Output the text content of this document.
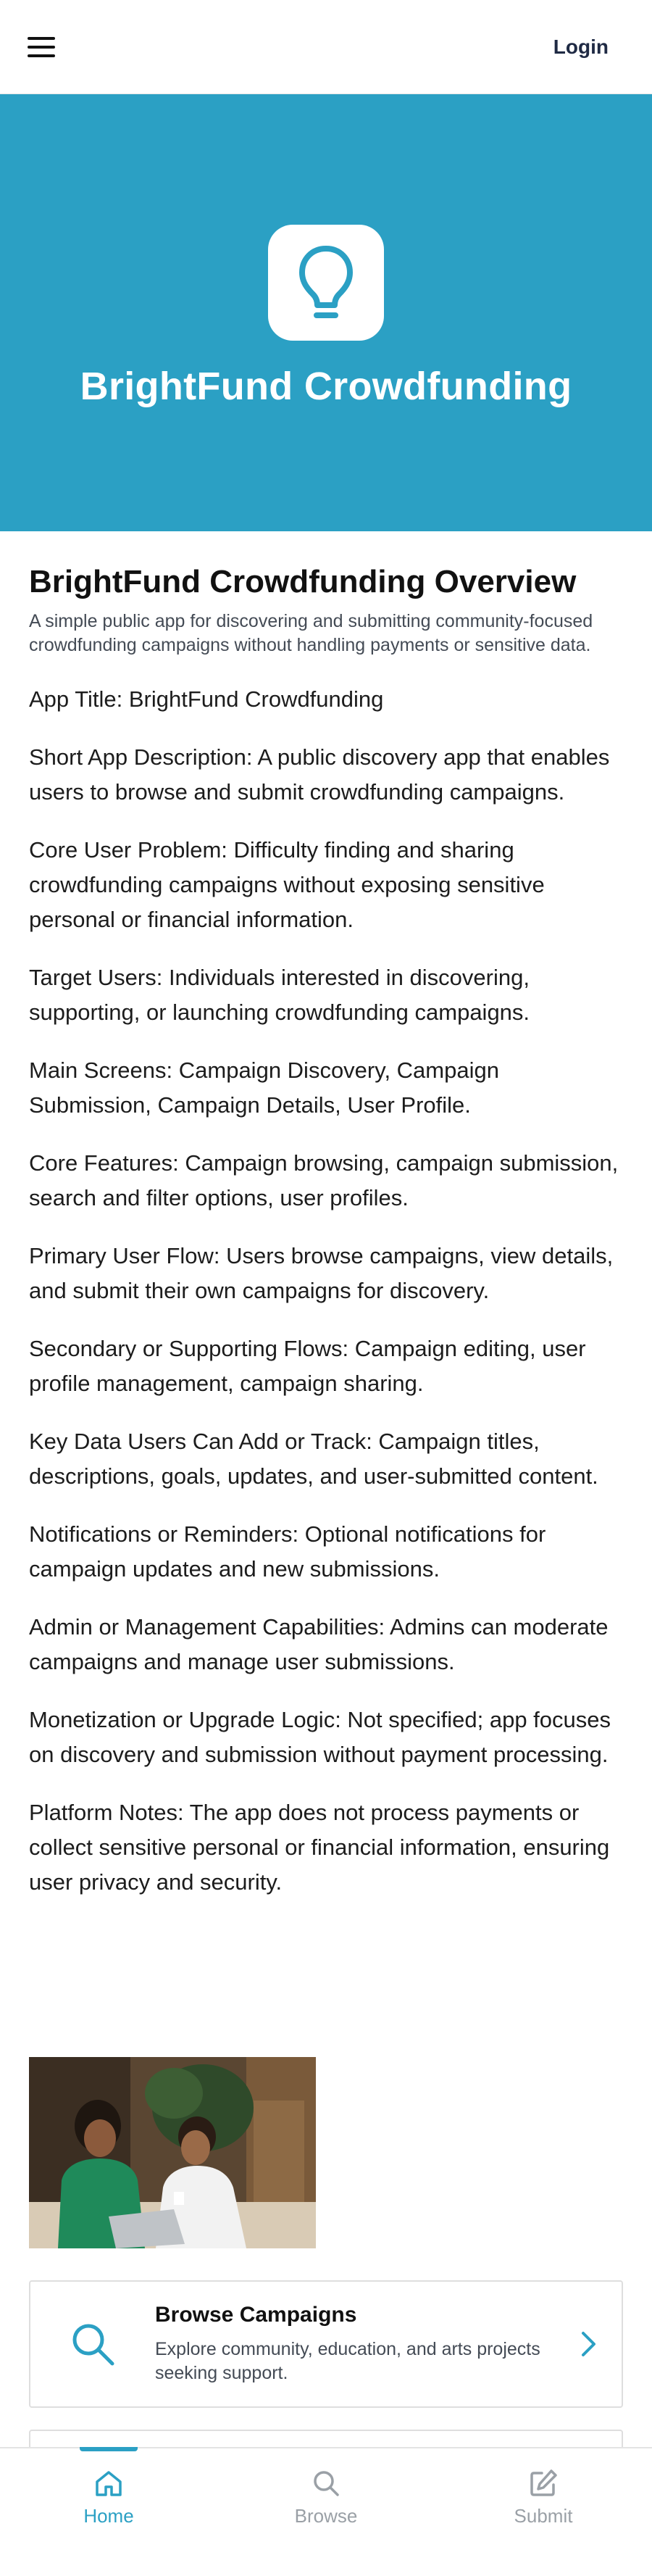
Login
BrightFund Crowdfunding
BrightFund Crowdfunding Overview

A simple public app for discovering and submitting community-focused crowdfunding campaigns without handling payments or sensitive data.

App Title: BrightFund Crowdfunding

Short App Description: A public discovery app that enables users to browse and submit crowdfunding campaigns.

Core User Problem: Difficulty finding and sharing crowdfunding campaigns without exposing sensitive personal or financial information.

Target Users: Individuals interested in discovering, supporting, or launching crowdfunding campaigns.

Main Screens: Campaign Discovery, Campaign Submission, Campaign Details, User Profile.

Core Features: Campaign browsing, campaign submission, search and filter options, user profiles.

Primary User Flow: Users browse campaigns, view details, and submit their own campaigns for discovery.

Secondary or Supporting Flows: Campaign editing, user profile management, campaign sharing.

Key Data Users Can Add or Track: Campaign titles, descriptions, goals, updates, and user-submitted content.

Notifications or Reminders: Optional notifications for campaign updates and new submissions.

Admin or Management Capabilities: Admins can moderate campaigns and manage user submissions.

Monetization or Upgrade Logic: Not specified; app focuses on discovery and submission without payment processing.

Platform Notes: The app does not process payments or collect sensitive personal or financial information, ensuring user privacy and security.

Browse Campaigns
Explore community, education, and arts projects seeking support.
Home	Browse	Submit
